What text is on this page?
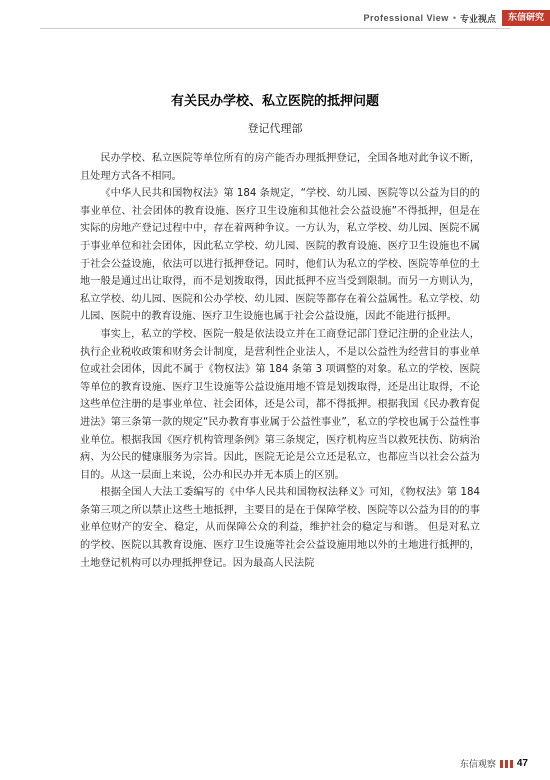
Professional View • 专业视点	东信研究
有关民办学校、私立医院的抵押问题
登记代理部

民办学校、私立医院等单位所有的房产能否办理抵押登记，全国各地对此争议不断，且处理方式各不相同。

《中华人民共和国物权法》第 184 条规定，“学校、幼儿园、医院等以公益为目的的事业单位、社会团体的教育设施、医疗卫生设施和其他社会公益设施”不得抵押，但是在实际的房地产登记过程中中，存在着两种争议。一方认为，私立学校、幼儿园、医院不属于事业单位和社会团体，因此私立学校、幼儿园、医院的教育设施、医疗卫生设施也不属于社会公益设施，依法可以进行抵押登记。同时，他们认为私立的学校、医院等单位的土地一般是通过出让取得，而不是划拨取得，因此抵押不应当受到限制。而另一方则认为，私立学校、幼儿园、医院和公办学校、幼儿园、医院等都存在着公益属性。私立学校、幼儿园、医院中的教育设施、医疗卫生设施也属于社会公益设施，因此不能进行抵押。

事实上，私立的学校、医院一般是依法设立并在工商登记部门登记注册的企业法人，执行企业税收政策和财务会计制度，是营利性企业法人，不是以公益性为经营目的事业单位或社会团体，因此不属于《物权法》第 184 条第 3 项调整的对象。私立的学校、医院等单位的教育设施、医疗卫生设施等公益设施用地不管是划拨取得，还是出让取得，不论这些单位注册的是事业单位、社会团体，还是公司，都不得抵押。根据我国《民办教育促进法》第三条第一款的规定“民办教育事业属于公益性事业”，私立的学校也属于公益性事业单位。根据我国《医疗机构管理条例》第三条规定，医疗机构应当以救死扶伤、防病治病、为公民的健康服务为宗旨。因此，医院无论是公立还是私立，也都应当以社会公益为目的。从这一层面上来说，公办和民办并无本质上的区别。

根据全国人大法工委编写的《中华人民共和国物权法释义》可知，《物权法》第 184 条第三项之所以禁止这些土地抵押，主要目的是在于保障学校、医院等以公益为目的的事业单位财产的安全、稳定，从而保障公众的利益，维护社会的稳定与和谐。 但是对私立的学校、医院以其教育设施、医疗卫生设施等社会公益设施用地以外的土地进行抵押的，土地登记机构可以办理抵押登记。因为最高人民法院

东信观察 47
